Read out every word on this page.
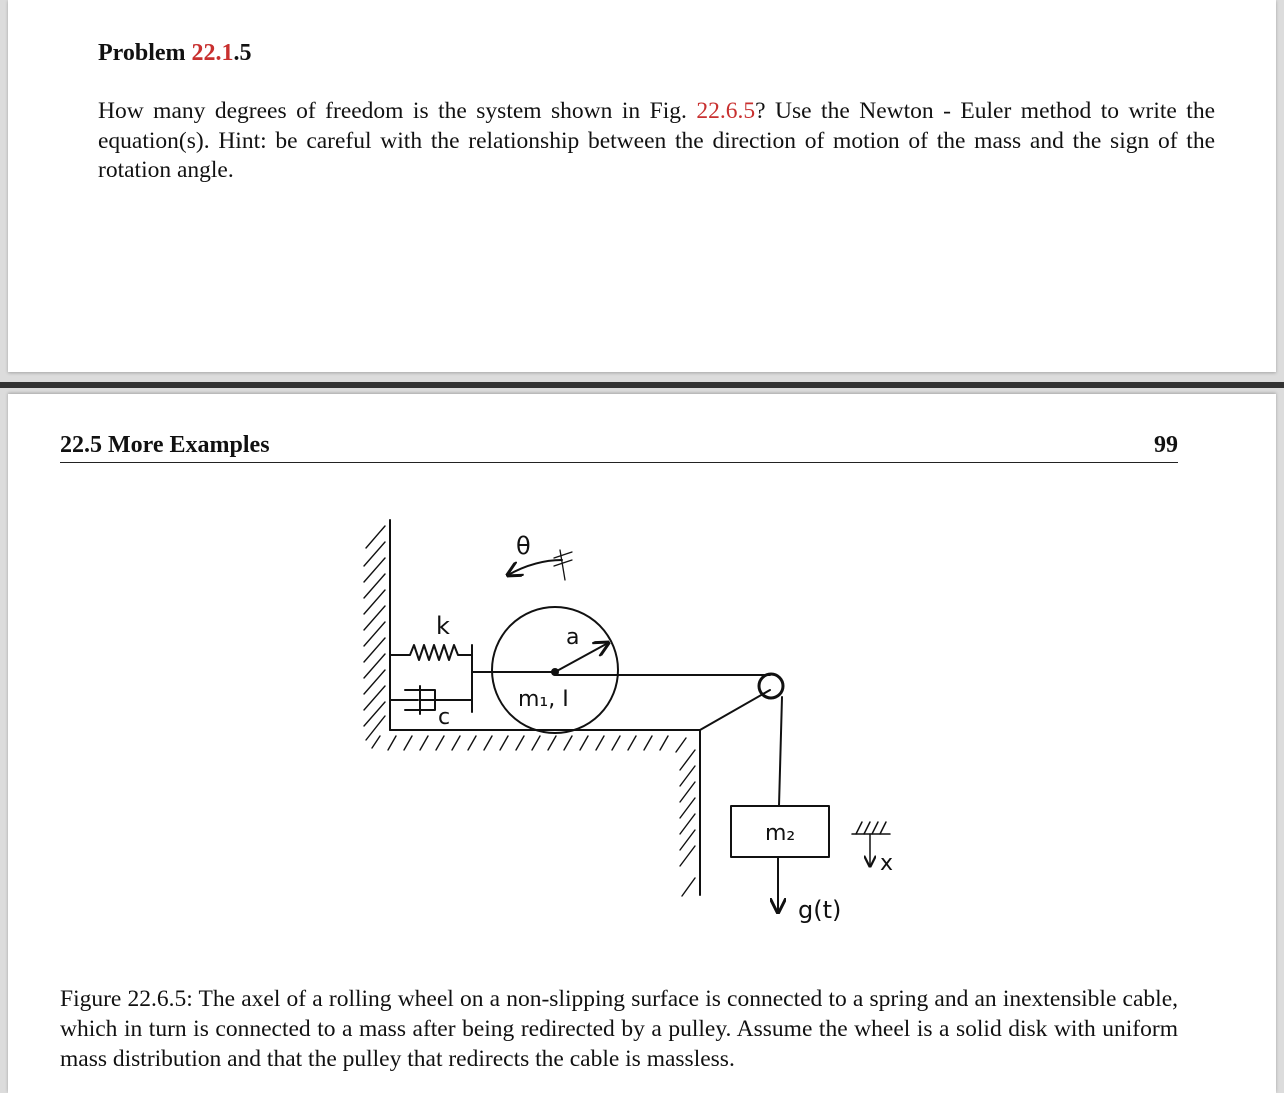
Problem 22.1.5
How many degrees of freedom is the system shown in Fig. 22.6.5? Use the Newton - Euler method to write the equation(s). Hint: be careful with the relationship between the direction of motion of the mass and the sign of the rotation angle.
22.5 More Examples	99
θ
k
c
a
m₁, I
m₂
x
g(t)
Figure 22.6.5: The axel of a rolling wheel on a non-slipping surface is connected to a spring and an inextensible cable, which in turn is connected to a mass after being redirected by a pulley. Assume the wheel is a solid disk with uniform mass distribution and that the pulley that redirects the cable is massless.
